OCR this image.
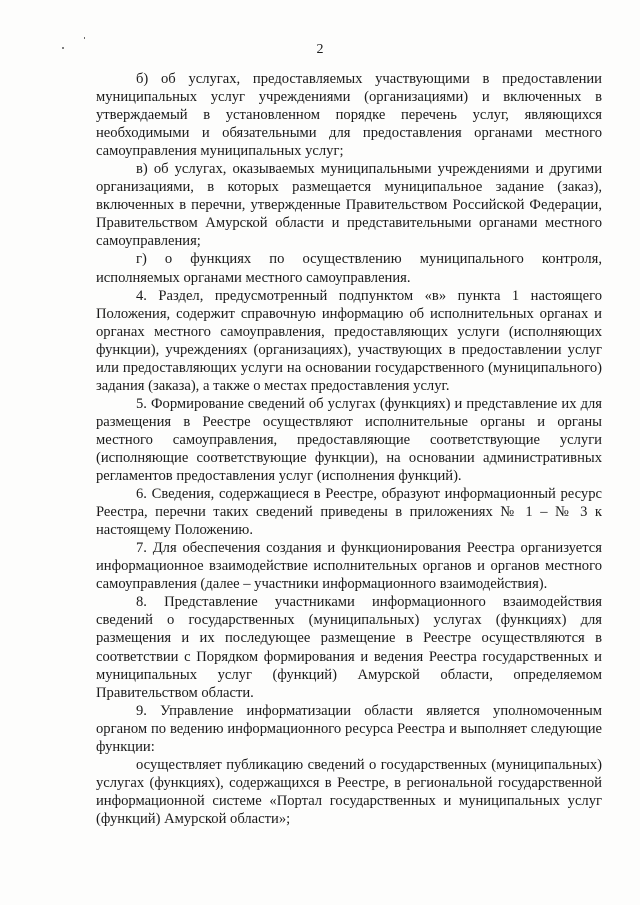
2

б) об услугах, предоставляемых участвующими в предоставлении муниципальных услуг учреждениями (организациями) и включенных в утверждаемый в установленном порядке перечень услуг, являющихся необходимыми и обязательными для предоставления органами местного самоуправления муниципальных услуг;

в) об услугах, оказываемых муниципальными учреждениями и другими организациями, в которых размещается муниципальное задание (заказ), включенных в перечни, утвержденные Правительством Российской Федерации, Правительством Амурской области и представительными органами местного самоуправления;

г) о функциях по осуществлению муниципального контроля, исполняемых органами местного самоуправления.

4. Раздел, предусмотренный подпунктом «в» пункта 1 настоящего Положения, содержит справочную информацию об исполнительных органах и органах местного самоуправления, предоставляющих услуги (исполняющих функции), учреждениях (организациях), участвующих в предоставлении услуг или предоставляющих услуги на основании государственного (муниципального) задания (заказа), а также о местах предоставления услуг.

5. Формирование сведений об услугах (функциях) и представление их для размещения в Реестре осуществляют исполнительные органы и органы местного самоуправления, предоставляющие соответствующие услуги (исполняющие соответствующие функции), на основании административных регламентов предоставления услуг (исполнения функций).

6. Сведения, содержащиеся в Реестре, образуют информационный ресурс Реестра, перечни таких сведений приведены в приложениях № 1 – № 3 к настоящему Положению.

7. Для обеспечения создания и функционирования Реестра организуется информационное взаимодействие исполнительных органов и органов местного самоуправления (далее – участники информационного взаимодействия).

8. Представление участниками информационного взаимодействия сведений о государственных (муниципальных) услугах (функциях) для размещения и их последующее размещение в Реестре осуществляются в соответствии с Порядком формирования и ведения Реестра государственных и муниципальных услуг (функций) Амурской области, определяемом Правительством области.

9. Управление информатизации области является уполномоченным органом по ведению информационного ресурса Реестра и выполняет следующие функции:

осуществляет публикацию сведений о государственных (муниципальных) услугах (функциях), содержащихся в Реестре, в региональной государственной информационной системе «Портал государственных и муниципальных услуг (функций) Амурской области»;
